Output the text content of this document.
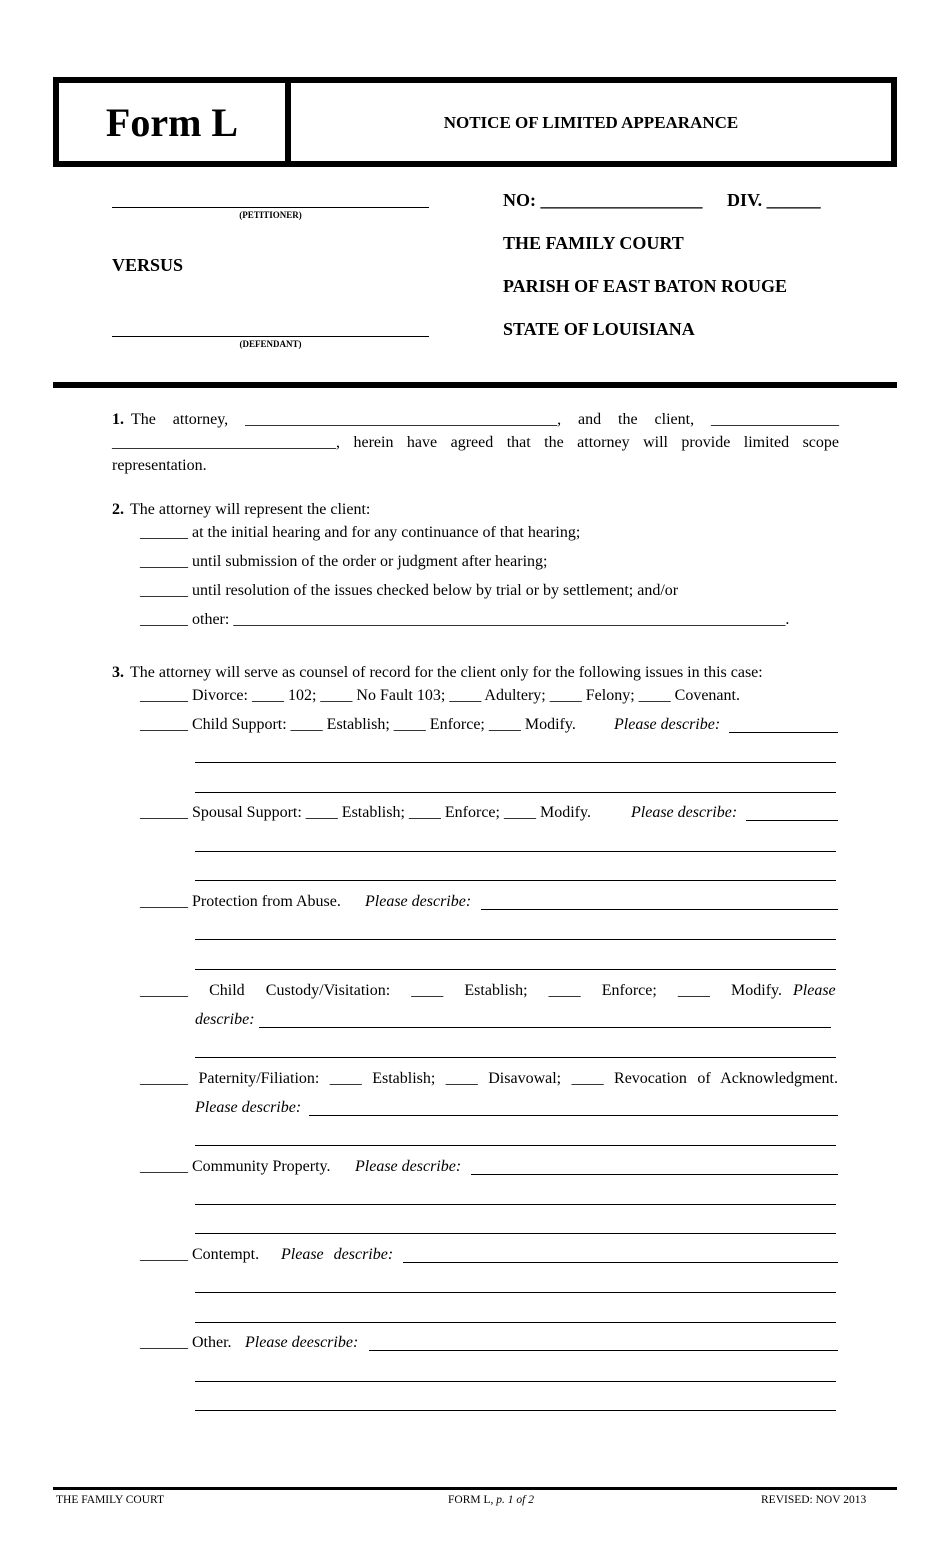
Form L	NOTICE OF LIMITED APPEARANCE
(PETITIONER)
VERSUS
(DEFENDANT)
NO: __________________ DIV. ______
THE FAMILY COURT
PARISH OF EAST BATON ROUGE
STATE OF LOUISIANA
1. The attorney, _______________________________________, and the client, ________________
____________________________, herein have agreed that the attorney will provide limited scope
representation.
2. The attorney will represent the client:
______ at the initial hearing and for any continuance of that hearing;
______ until submission of the order or judgment after hearing;
______ until resolution of the issues checked below by trial or by settlement; and/or
______ other: _____________________________________________________________________.
3. The attorney will serve as counsel of record for the client only for the following issues in this case:
______ Divorce: ____ 102; ____ No Fault 103; ____ Adultery; ____ Felony; ____ Covenant.
______ Child Support: ____ Establish; ____ Enforce; ____ Modify. Please describe:
______ Spousal Support: ____ Establish; ____ Enforce; ____ Modify.	Please describe:
______ Protection from Abuse. Please describe:
______ Child Custody/Visitation: ____ Establish; ____ Enforce; ____ Modify. Please
describe:
______ Paternity/Filiation: ____ Establish; ____ Disavowal; ____ Revocation of Acknowledgment.
Please describe:
______ Community Property. Please describe:
______ Contempt. Please describe:
______ Other. Please deescribe:
THE FAMILY COURT	FORM L, p. 1 of 2	REVISED: NOV 2013
